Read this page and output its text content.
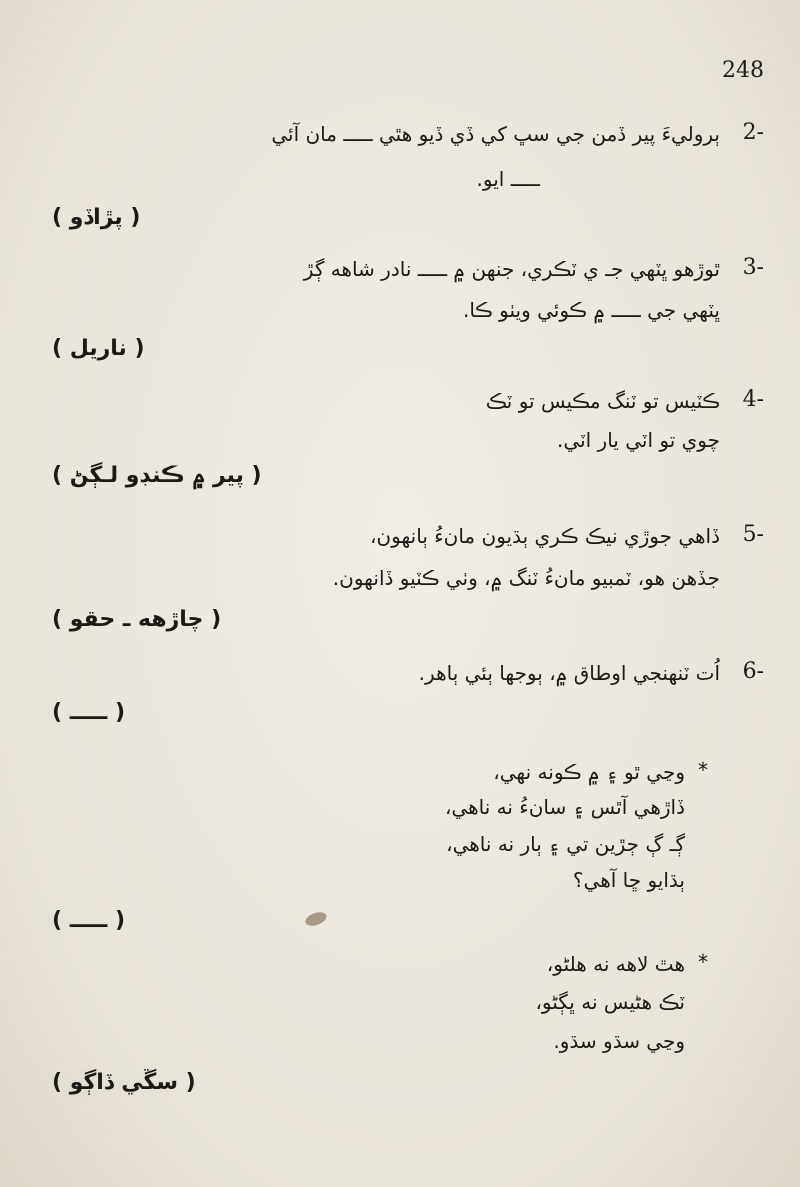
248
2-
ٻروليءَ پير ڏمن جي سڀ کي ڏي ڏيو هٿي ـــــ مان آئي
ـــــ ايو.
( پڙاڏو )
3-
ٿوڙهو ڀٽهي جـ ي ٽڪري، جنهن ۾ ـــــ نادر شاهه ڳڙ
ڀٽهي جي ـــــ ۾ ڪوئي ويٺو ڪا.
( ناريل )
4-
ڪٽيس تو ٽنگ مڪيس تو ٽڪ
چوي تو اٽي يار اٽي.
( پير ۾ ڪنڊو لـڳڻ )
5-
ڏاهي جوڙي نيڪ ڪري ٻڌيون مانءُ ٻانهون،
جڏهن هو، ٽمبيو مانءُ ٽنگ ۾، وٺي ڪٽيو ڏانهون.
( چاڙهه ـ حقو )
6-
اُت ٽنهنجي اوطاق ۾، ٻوجها ٻئي ٻاهر.
( ـــــ )
*
وڃي ٿو ۽ ۾ ڪونه نهي،
ڏاڙهي آٿس ۽ سانءُ نه ناهي،
ڳـ ڳ ڄڙين تي ۽ ٻار نه ناهي،
ٻڌايو ڇا آهي؟
( ـــــ )
*
هٿ لاهه نه هلڻو،
ٽڪ هڻيس نه ڀڳڻو،
وڃي سڌو سڌو.
( سڱي ڏاڳو )
